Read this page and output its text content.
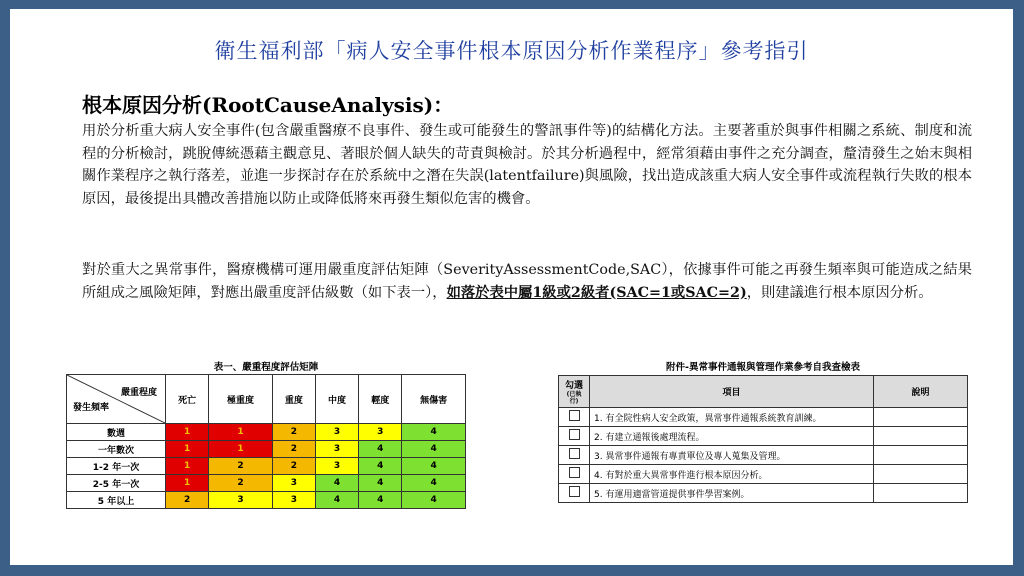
衛生福利部「病人安全事件根本原因分析作業程序」參考指引
根本原因分析(RootCauseAnalysis)：
用於分析重大病人安全事件(包含嚴重醫療不良事件、發生或可能發生的警訊事件等)的結構化方法。主要著重於與事件相關之系統、制度和流程的分析檢討，跳脫傳統憑藉主觀意見、著眼於個人缺失的苛責與檢討。於其分析過程中，經常須藉由事件之充分調查，釐清發生之始末與相關作業程序之執行落差，並進一步探討存在於系統中之潛在失誤(latentfailure)與風險，找出造成該重大病人安全事件或流程執行失敗的根本原因，最後提出具體改善措施以防止或降低將來再發生類似危害的機會。
對於重大之異常事件，醫療機構可運用嚴重度評估矩陣（SeverityAssessmentCode,SAC），依據事件可能之再發生頻率與可能造成之結果所組成之風險矩陣，對應出嚴重度評估級數（如下表一），如落於表中屬1級或2級者(SAC=1或SAC=2)，則建議進行根本原因分析。
表一、嚴重程度評估矩陣
嚴重程度
發生頻率	死亡	極重度	重度	中度	輕度	無傷害
數週	1	1	2	3	3	4
一年數次	1	1	2	3	4	4
1-2 年一次	1	2	2	3	4	4
2-5 年一次	1	2	3	4	4	4
5 年以上	2	3	3	4	4	4
附件-異常事件通報與管理作業參考自我查檢表
勾選
(已執行)	項目	說明
	1. 有全院性病人安全政策，異常事件通報系統教育訓練。	
	2. 有建立通報後處理流程。	
	3. 異常事件通報有專責單位及專人蒐集及管理。	
	4. 有對於重大異常事件進行根本原因分析。	
	5. 有運用適當管道提供事件學習案例。	
